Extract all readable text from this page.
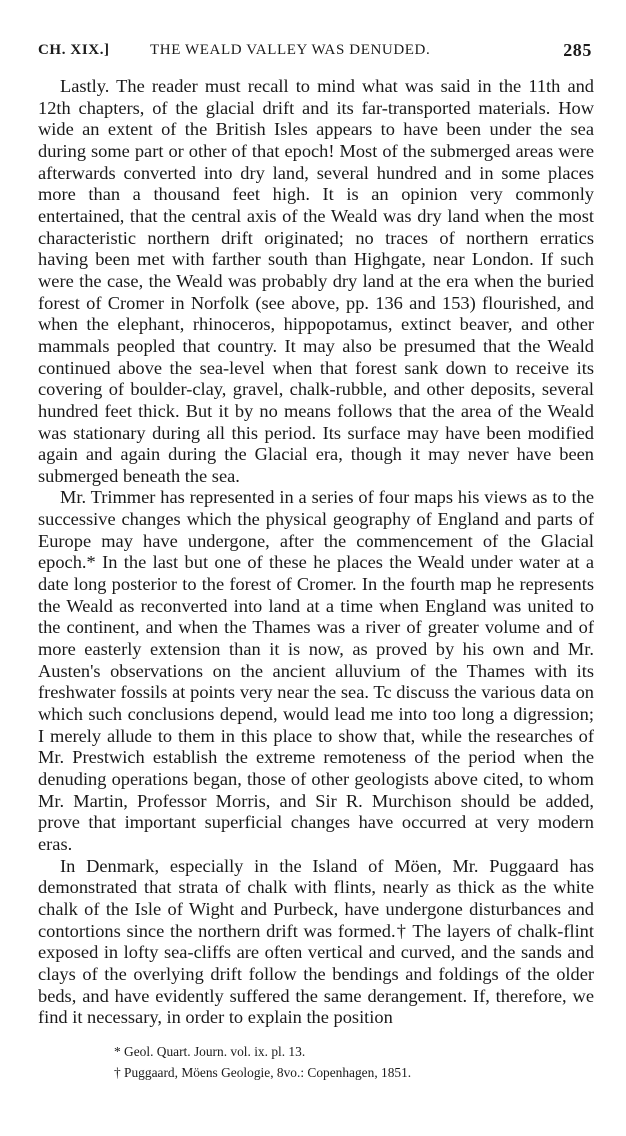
CH. XIX.]	THE WEALD VALLEY WAS DENUDED.	285

Lastly. The reader must recall to mind what was said in the 11th and 12th chapters, of the glacial drift and its far-transported materials. How wide an extent of the British Isles appears to have been under the sea during some part or other of that epoch! Most of the submerged areas were afterwards converted into dry land, several hundred and in some places more than a thousand feet high. It is an opinion very commonly entertained, that the central axis of the Weald was dry land when the most characteristic northern drift originated; no traces of northern erratics having been met with farther south than Highgate, near London. If such were the case, the Weald was probably dry land at the era when the buried forest of Cromer in Norfolk (see above, pp. 136 and 153) flourished, and when the elephant, rhinoceros, hippopotamus, extinct beaver, and other mammals peopled that country. It may also be presumed that the Weald continued above the sea-level when that forest sank down to receive its covering of boulder-clay, gravel, chalk-rubble, and other deposits, several hundred feet thick. But it by no means follows that the area of the Weald was stationary during all this period. Its surface may have been modified again and again during the Glacial era, though it may never have been submerged beneath the sea.

Mr. Trimmer has represented in a series of four maps his views as to the successive changes which the physical geography of England and parts of Europe may have undergone, after the commencement of the Glacial epoch.* In the last but one of these he places the Weald under water at a date long posterior to the forest of Cromer. In the fourth map he represents the Weald as reconverted into land at a time when England was united to the continent, and when the Thames was a river of greater volume and of more easterly extension than it is now, as proved by his own and Mr. Austen's observations on the ancient alluvium of the Thames with its freshwater fossils at points very near the sea. Tc discuss the various data on which such conclusions depend, would lead me into too long a digression; I merely allude to them in this place to show that, while the researches of Mr. Prestwich establish the extreme remoteness of the period when the denuding operations began, those of other geologists above cited, to whom Mr. Martin, Professor Morris, and Sir R. Murchison should be added, prove that important superficial changes have occurred at very modern eras.

In Denmark, especially in the Island of Möen, Mr. Puggaard has demonstrated that strata of chalk with flints, nearly as thick as the white chalk of the Isle of Wight and Purbeck, have undergone disturbances and contortions since the northern drift was formed.† The layers of chalk-flint exposed in lofty sea-cliffs are often vertical and curved, and the sands and clays of the overlying drift follow the bendings and foldings of the older beds, and have evidently suffered the same derangement. If, therefore, we find it necessary, in order to explain the position

* Geol. Quart. Journ. vol. ix. pl. 13.

† Puggaard, Möens Geologie, 8vo.: Copenhagen, 1851.
